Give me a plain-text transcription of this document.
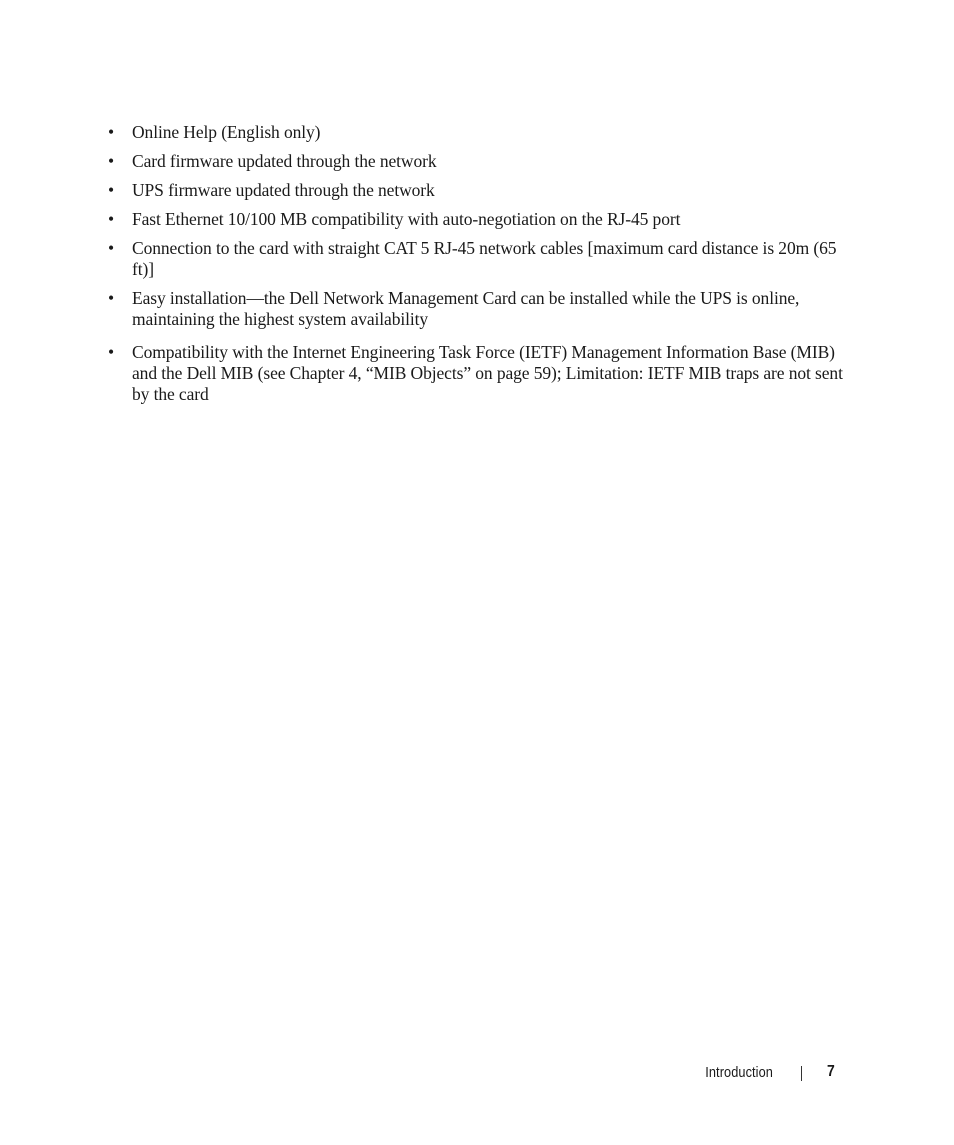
•	Online Help (English only)
•	Card firmware updated through the network
•	UPS firmware updated through the network
•	Fast Ethernet 10/100 MB compatibility with auto-negotiation on the RJ-45 port
•	Connection to the card with straight CAT 5 RJ-45 network cables [maximum card distance is 20m (65 ft)]
•	Easy installation—the Dell Network Management Card can be installed while the UPS is online, maintaining the highest system availability
•	Compatibility with the Internet Engineering Task Force (IETF) Management Information Base (MIB) and the Dell MIB (see Chapter 4, “MIB Objects” on page 59); Limitation: IETF MIB traps are not sent by the card
Introduction	7
